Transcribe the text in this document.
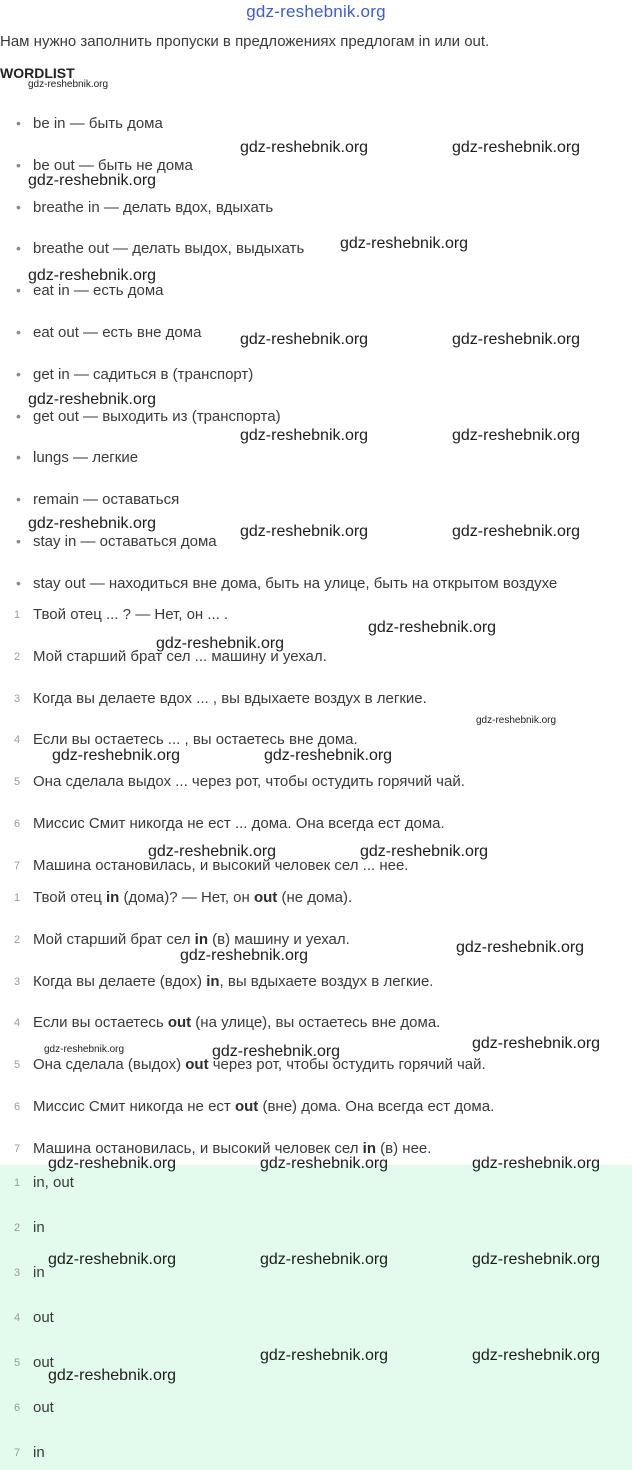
gdz-reshebnik.org
Нам нужно заполнить пропуски в предложениях предлогам in или out.
WORDLIST
• be in — быть дома
• be out — быть не дома
• breathe in — делать вдох, вдыхать
• breathe out — делать выдох, выдыхать
• eat in — есть дома
• eat out — есть вне дома
• get in — садиться в (транспорт)
• get out — выходить из (транспорта)
• lungs — легкие
• remain — оставаться
• stay in — оставаться дома
• stay out — находиться вне дома, быть на улице, быть на открытом воздухе
1 Твой отец ... ? — Нет, он ... .
2 Мой старший брат сел ... машину и уехал.
3 Когда вы делаете вдох ... , вы вдыхаете воздух в легкие.
4 Если вы остаетесь ... , вы остаетесь вне дома.
5 Она сделала выдох ... через рот, чтобы остудить горячий чай.
6 Миссис Смит никогда не ест ... дома. Она всегда ест дома.
7 Машина остановилась, и высокий человек сел ... нее.
1 Твой отец in (дома)? — Нет, он out (не дома).
2 Мой старший брат сел in (в) машину и уехал.
3 Когда вы делаете (вдох) in, вы вдыхаете воздух в легкие.
4 Если вы остаетесь out (на улице), вы остаетесь вне дома.
5 Она сделала (выдох) out через рот, чтобы остудить горячий чай.
6 Миссис Смит никогда не ест out (вне) дома. Она всегда ест дома.
7 Машина остановилась, и высокий человек сел in (в) нее.
1 in, out
2 in
3 in
4 out
5 out
6 out
7 in
gdz-reshebnik.org
gdz-reshebnik.org	gdz-reshebnik.org
gdz-reshebnik.org
gdz-reshebnik.org
gdz-reshebnik.org
gdz-reshebnik.org	gdz-reshebnik.org
gdz-reshebnik.org
gdz-reshebnik.org	gdz-reshebnik.org
gdz-reshebnik.org	gdz-reshebnik.org	gdz-reshebnik.org
gdz-reshebnik.org
gdz-reshebnik.org
gdz-reshebnik.org
gdz-reshebnik.org	gdz-reshebnik.org
gdz-reshebnik.org	gdz-reshebnik.org
gdz-reshebnik.org
gdz-reshebnik.org
gdz-reshebnik.org	gdz-reshebnik.org	gdz-reshebnik.org
gdz-reshebnik.org	gdz-reshebnik.org	gdz-reshebnik.org
gdz-reshebnik.org	gdz-reshebnik.org	gdz-reshebnik.org
gdz-reshebnik.org	gdz-reshebnik.org
gdz-reshebnik.org
